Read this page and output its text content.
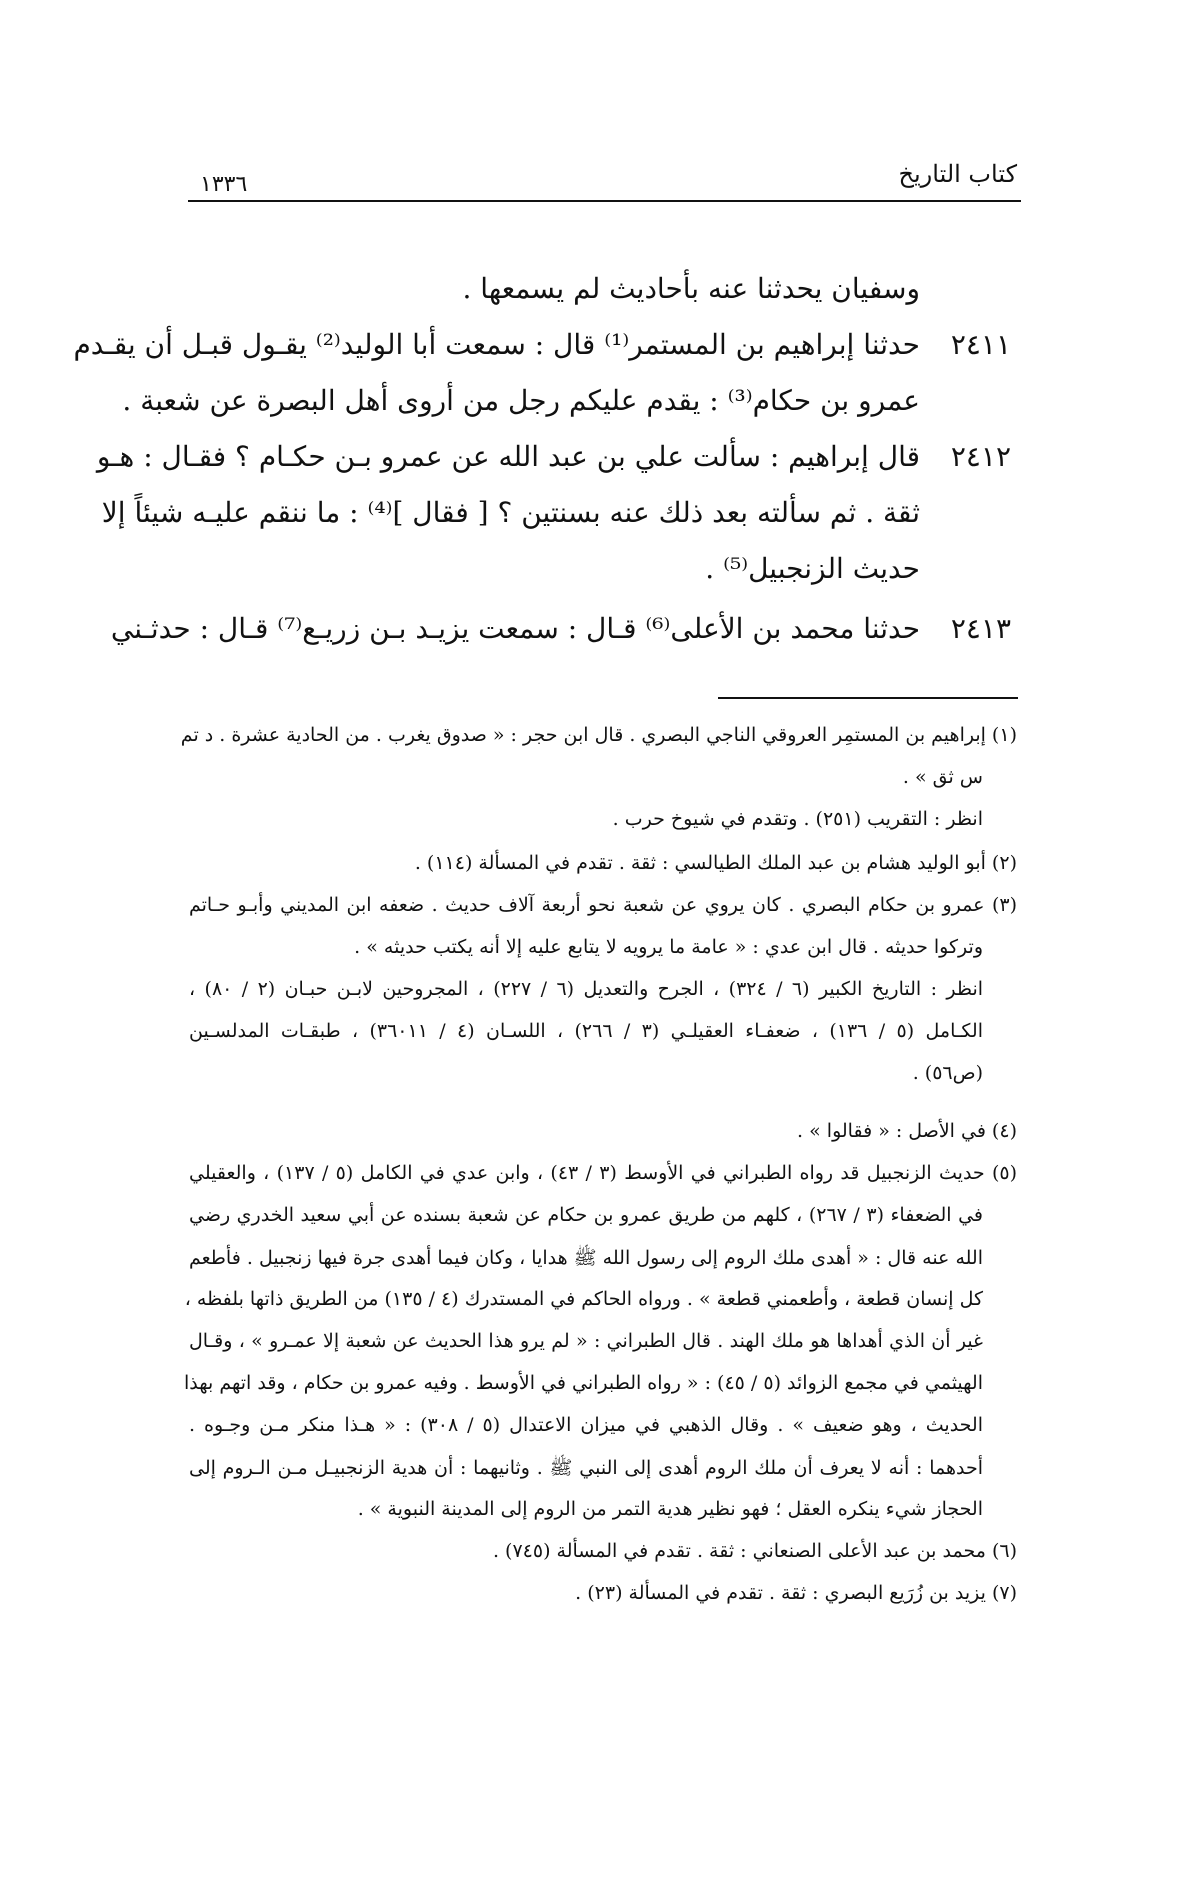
كتاب التاريخ
١٣٣٦
وسفيان يحدثنا عنه بأحاديث لم يسمعها .
٢٤١١
حدثنا إبراهيم بن المستمر⁽¹⁾ قال : سمعت أبا الوليد⁽²⁾ يقـول قبـل أن يقـدم
عمرو بن حكام⁽³⁾ : يقدم عليكم رجل من أروى أهل البصرة عن شعبة .
٢٤١٢
قال إبراهيم : سألت علي بن عبد الله عن عمرو بـن حكـام ؟ فقـال : هـو
ثقة . ثم سألته بعد ذلك عنه بسنتين ؟ [ فقال ]⁽⁴⁾ : ما ننقم عليـه شيئاً إلا
حديث الزنجبيل⁽⁵⁾ .
٢٤١٣
حدثنا محمد بن الأعلى⁽⁶⁾ قـال : سمعت يزيـد بـن زريـع⁽⁷⁾ قـال : حدثـني
(١) إبراهيم بن المستمِر العروقي الناجي البصري . قال ابن حجر : « صدوق يغرب . من الحادية عشرة . د تم
س ثق » .
انظر : التقريب (٢٥١) . وتقدم في شيوخ حرب .
(٢) أبو الوليد هشام بن عبد الملك الطيالسي : ثقة . تقدم في المسألة (١١٤) .
(٣) عمرو بن حكام البصري . كان يروي عن شعبة نحو أربعة آلاف حديث . ضعفه ابن المديني وأبـو حـاتم
وتركوا حديثه . قال ابن عدي : « عامة ما يرويه لا يتابع عليه إلا أنه يكتب حديثه » .
انظر : التاريخ الكبير (٦ / ٣٢٤) ، الجرح والتعديل (٦ / ٢٢٧) ، المجروحين لابـن حبـان (٢ / ٨٠) ،
الكـامل (٥ / ١٣٦) ، ضعفـاء العقيلـي (٣ / ٢٦٦) ، اللسـان (٤ / ٣٦٠١١) ، طبقـات المدلسـين
(ص٥٦) .
(٤) في الأصل : « فقالوا » .
(٥) حديث الزنجبيل قد رواه الطبراني في الأوسط (٣ / ٤٣) ، وابن عدي في الكامل (٥ / ١٣٧) ، والعقيلي
في الضعفاء (٣ / ٢٦٧) ، كلهم من طريق عمرو بن حكام عن شعبة بسنده عن أبي سعيد الخدري رضي
الله عنه قال : « أهدى ملك الروم إلى رسول الله ﷺ هدايا ، وكان فيما أهدى جرة فيها زنجبيل . فأطعم
كل إنسان قطعة ، وأطعمني قطعة » . ورواه الحاكم في المستدرك (٤ / ١٣٥) من الطريق ذاتها بلفظه ،
غير أن الذي أهداها هو ملك الهند . قال الطبراني : « لم يرو هذا الحديث عن شعبة إلا عمـرو » ، وقـال
الهيثمي في مجمع الزوائد (٥ / ٤٥) : « رواه الطبراني في الأوسط . وفيه عمرو بن حكام ، وقد اتهم بهذا
الحديث ، وهو ضعيف » . وقال الذهبي في ميزان الاعتدال (٥ / ٣٠٨) : « هـذا منكر مـن وجـوه .
أحدهما : أنه لا يعرف أن ملك الروم أهدى إلى النبي ﷺ . وثانيهما : أن هدية الزنجبيـل مـن الـروم إلى
الحجاز شيء ينكره العقل ؛ فهو نظير هدية التمر من الروم إلى المدينة النبوية » .
(٦) محمد بن عبد الأعلى الصنعاني : ثقة . تقدم في المسألة (٧٤٥) .
(٧) يزيد بن زُرَيع البصري : ثقة . تقدم في المسألة (٢٣) .
